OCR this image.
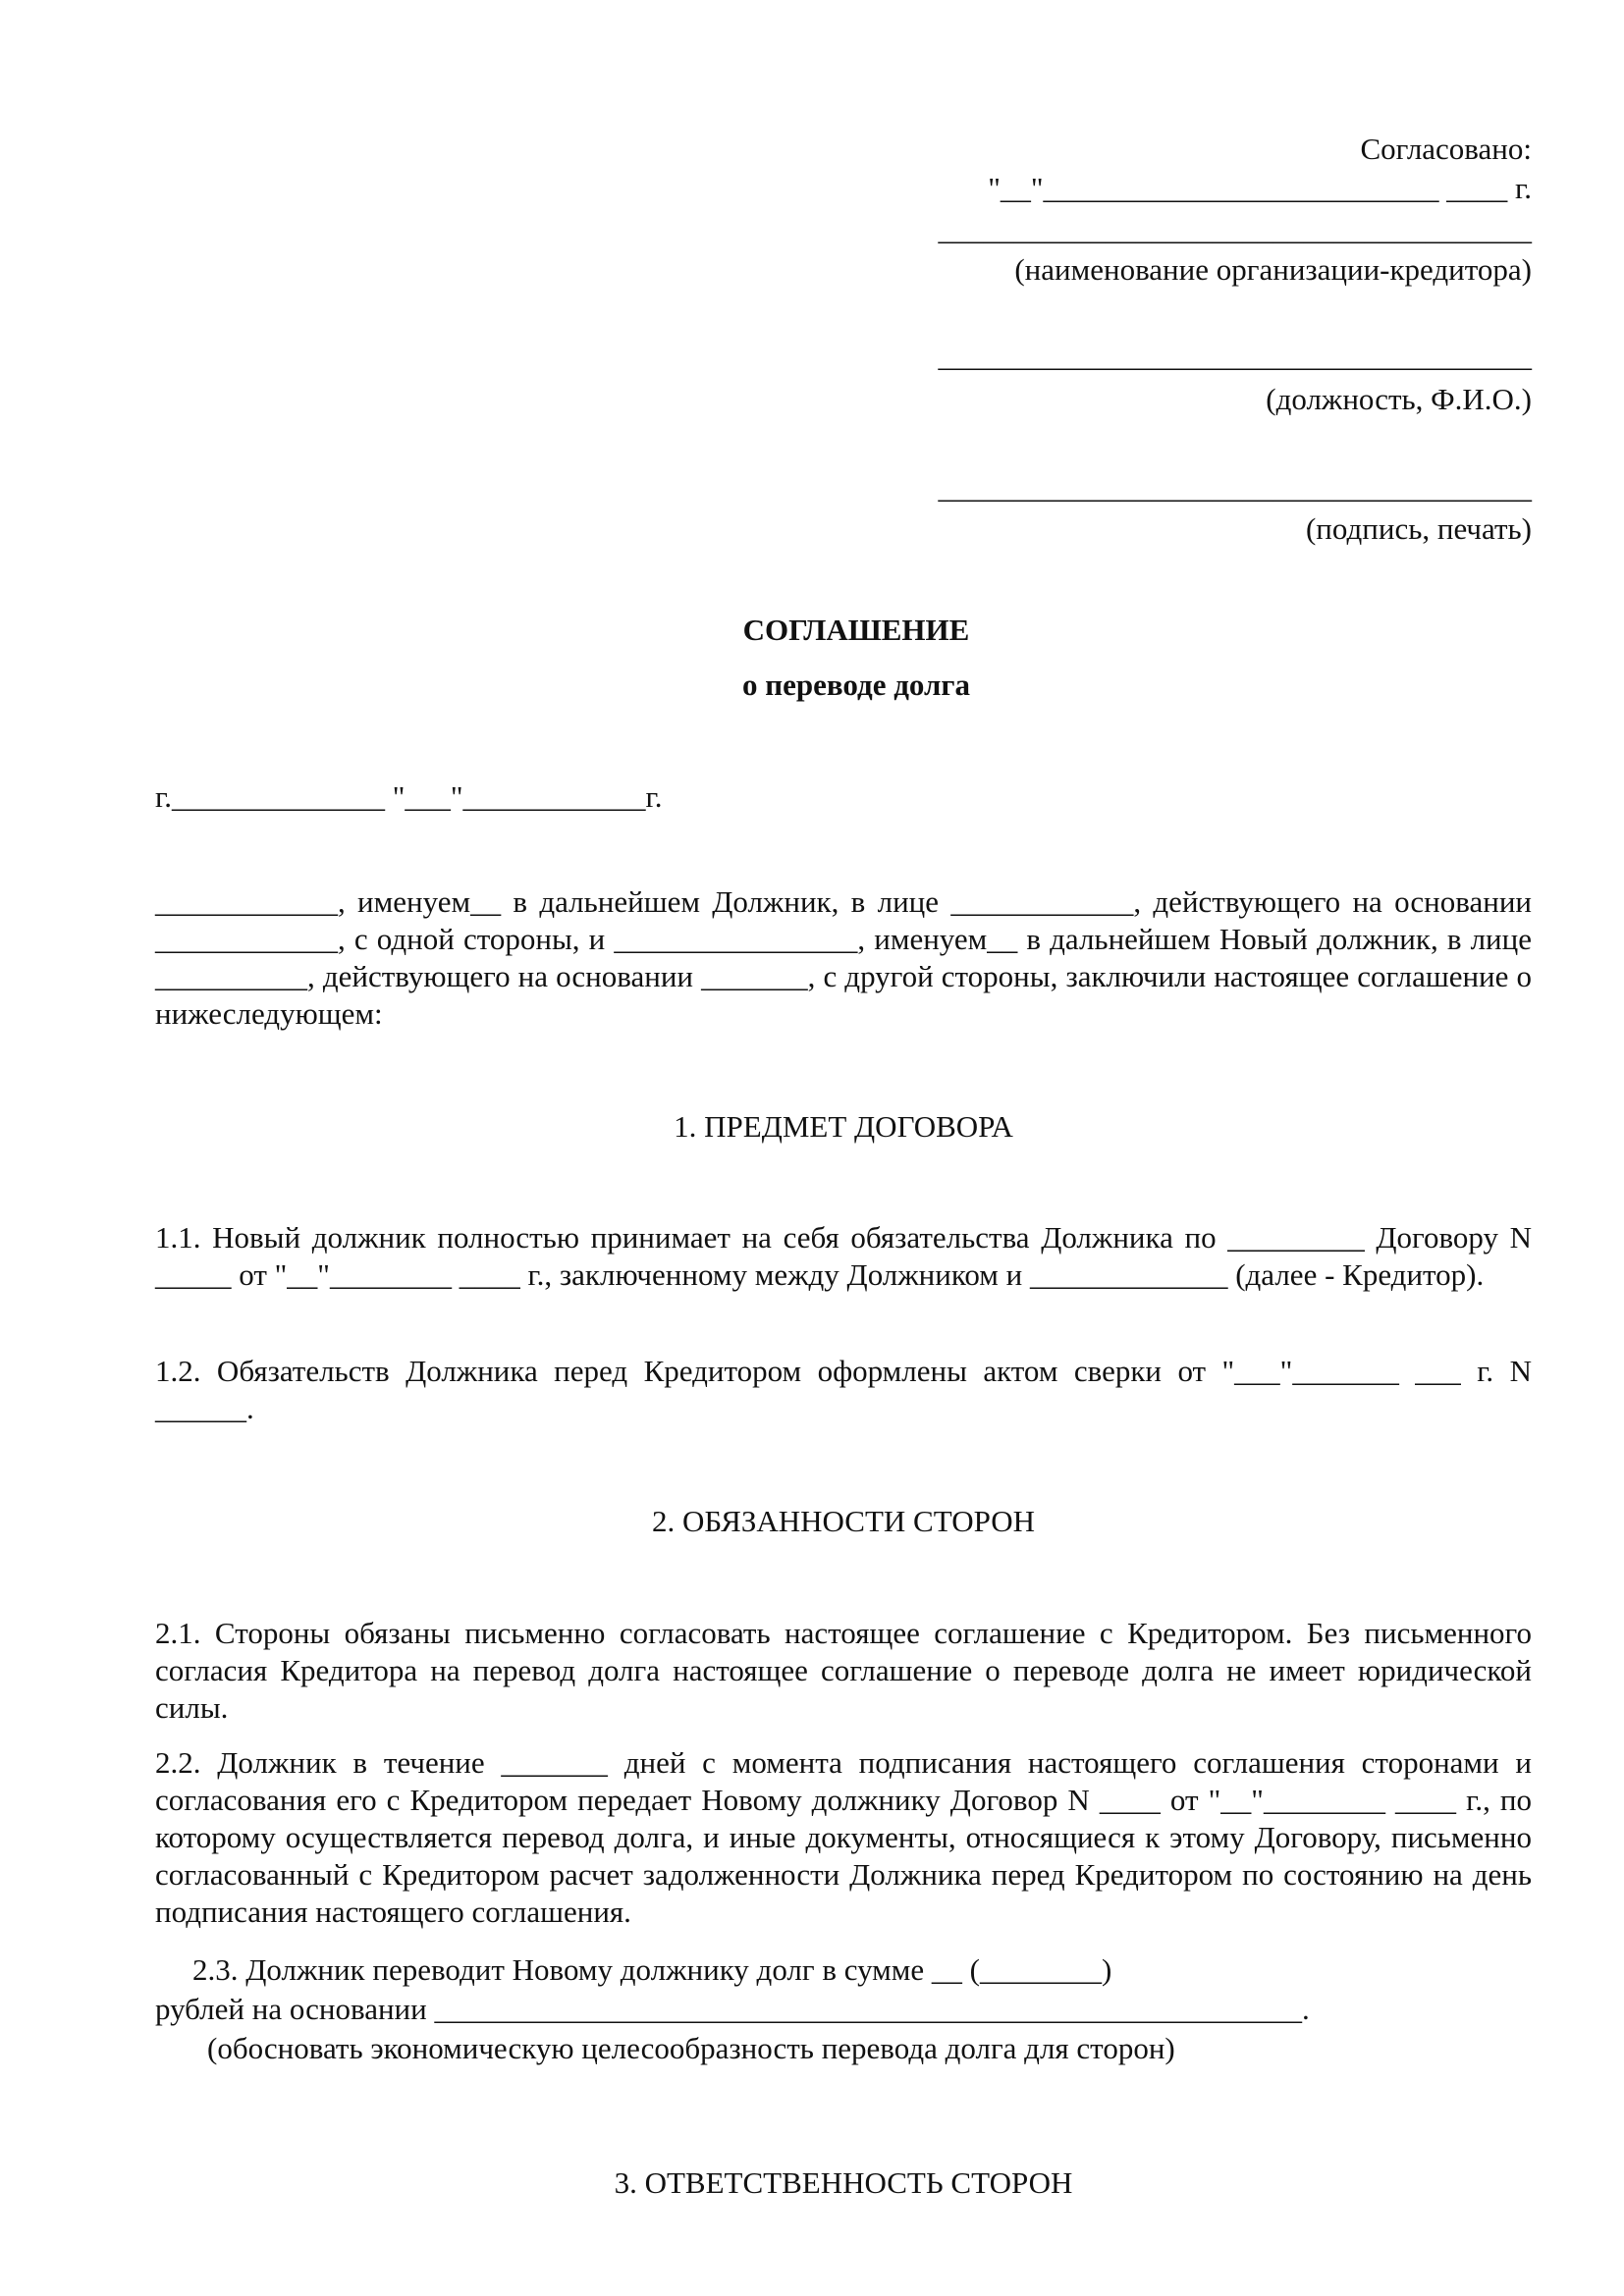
Согласовано:
"__"__________________________ ____ г.
_______________________________________
(наименование организации-кредитора)
_______________________________________
(должность, Ф.И.О.)
_______________________________________
(подпись, печать)
СОГЛАШЕНИЕ
о переводе долга
г.______________ "___"____________г.
____________, именуем__ в дальнейшем Должник, в лице ____________, действующего на основании ____________, с одной стороны, и ________________, именуем__ в дальнейшем Новый должник, в лице __________, действующего на основании _______, с другой стороны, заключили настоящее соглашение о нижеследующем:
1. ПРЕДМЕТ ДОГОВОРА
1.1. Новый должник полностью принимает на себя обязательства Должника по _________ Договору N _____ от "__"________ ____ г., заключенному между Должником и _____________ (далее - Кредитор).
1.2. Обязательств Должника перед Кредитором оформлены актом сверки от "___"_______ ___ г. N ______.
2. ОБЯЗАННОСТИ СТОРОН
2.1. Стороны обязаны письменно согласовать настоящее соглашение с Кредитором. Без письменного согласия Кредитора на перевод долга настоящее соглашение о переводе долга не имеет юридической силы.
2.2. Должник в течение _______ дней с момента подписания настоящего соглашения сторонами и согласования его с Кредитором передает Новому должнику Договор N ____ от "__"________ ____ г., по которому осуществляется перевод долга, и иные документы, относящиеся к этому Договору, письменно согласованный с Кредитором расчет задолженности Должника перед Кредитором по состоянию на день подписания настоящего соглашения.
2.3. Должник переводит Новому должнику долг в сумме __ (________)
рублей на основании _________________________________________________________.
(обосновать экономическую целесообразность перевода долга для сторон)
3. ОТВЕТСТВЕННОСТЬ СТОРОН
